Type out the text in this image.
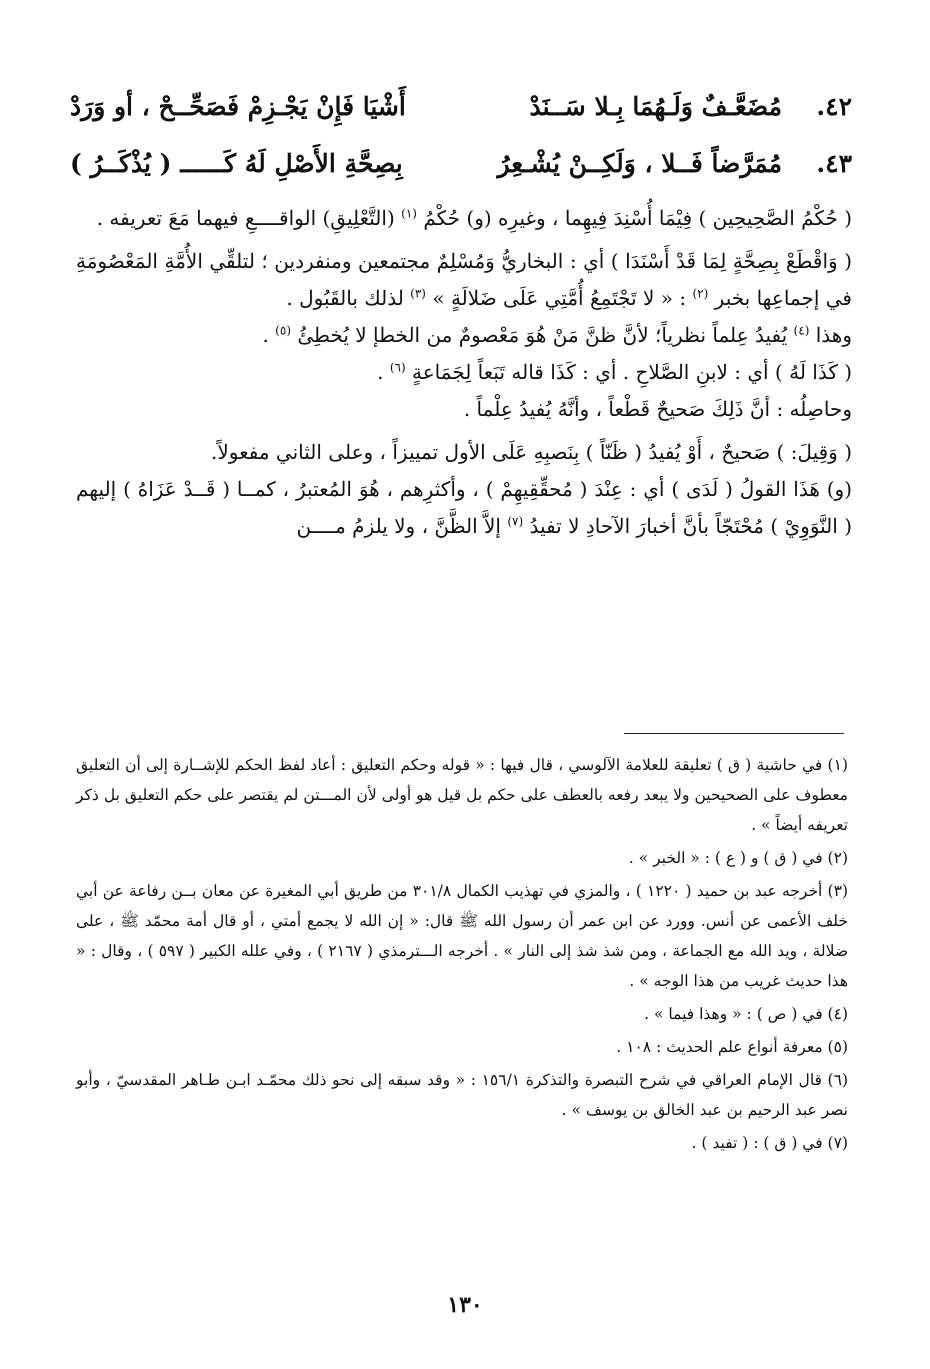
٤٢.
مُضَعَّـفٌ وَلَـهُمَا بِـلا سَــنَدْ
أَشْيَا فَإِنْ يَجْـزِمْ فَصَحِّــحْ ، أو وَرَدْ
٤٣.
مُمَرَّضاً فَــلا ، وَلَكِــنْ يُشْـعِرُ
بِصِحَّةِ الأَصْلِ لَهُ كَــــــ ( يُذْكَــرُ )

( حُكْمُ الصَّحِيحِين ) فِيْمَا أُسْنِدَ فِيهِما ، وغيرِه (و) حُكْمُ $^{(١)}$ (التَّعْلِيقِ) الواقــــعِ فيهما مَعَ تعريفه .

( وَاقْطَعْ بِصِحَّةٍ لِمَا قَدْ أَسْنَدَا ) أي : البخاريُّ وَمُسْلِمٌ مجتمعين ومنفردين ؛ لتلقِّي الأُمَّةِ المَعْصُومَةِ في إجماعِها بخبر $^{(٢)}$ : « لا تَجْتَمِعُ أُمَّتِي عَلَى ضَلالَةٍ » $^{(٣)}$ لذلك بالقَبُول .

وهذا $^{(٤)}$ يُفيدُ عِلماً نظرياً؛ لأنَّ ظنَّ مَنْ هُوَ مَعْصومٌ من الخطإ لا يُخطِئُ $^{(٥)}$ .

( كَذَا لَهُ ) أي : لابنِ الصَّلاحِ . أي : كَذَا قاله تَبَعاً لِجَمَاعةٍ $^{(٦)}$ .

وحاصِلُه : أنَّ ذَلِكَ صَحيحٌ قَطْعاً ، وأنَّهُ يُفيدُ عِلْماً .

( وَقِيلَ: ) صَحيحٌ ، أَوْ يُفيدُ ( ظَنّاً ) بِنَصبِهِ عَلَى الأول تمييزاً ، وعلى الثاني مفعولاً.

(و) هَذَا القولُ ( لَدَى ) أي : عِنْدَ ( مُحقِّقِيهِمْ ) ، وأكثرِهم ، هُوَ المُعتبرُ ، كمــا ( قَــدْ عَزَاهُ ) إليهم ( النَّوَوِيْ ) مُحْتَجّاً بأنَّ أخبارَ الآحادِ لا تفيدُ $^{(٧)}$ إلاَّ الظَّنَّ ، ولا يلزمُ مــــن

(١) في حاشية ( ق ) تعليقة للعلامة الآلوسي ، قال فيها : « قوله وحكم التعليق : أعاد لفظ الحكم للإشــارة إلى أن التعليق معطوف على الصحيحين ولا يبعد رفعه بالعطف على حكم بل قيل هو أولى لأن المـــتن لم يقتصر على حكم التعليق بل ذكر تعريفه أيضاً » .

(٢) في ( ق ) و ( ع ) : « الخبر » .

(٣) أخرجه عبد بن حميد ( ١٢٢٠ ) ، والمزي في تهذيب الكمال ٣٠١/٨ من طريق أبي المغيرة عن معان بــن رفاعة عن أبي خلف الأعمى عن أنس. وورد عن ابن عمر أن رسول الله ﷺ قال: « إن الله لا يجمع أمتي ، أو قال أمة محمّد ﷺ ، على ضلالة ، ويد الله مع الجماعة ، ومن شذ شذ إلى النار » . أخرجه الـــترمذي ( ٢١٦٧ ) ، وفي علله الكبير ( ٥٩٧ ) ، وقال : « هذا حديث غريب من هذا الوجه » .

(٤) في ( ص ) : « وهذا فيما » .

(٥) معرفة أنواع علم الحديث : ١٠٨ .

(٦) قال الإمام العراقي في شرح التبصرة والتذكرة ١٥٦/١ : « وقد سبقه إلى نحو ذلك محمّـد ابـن طـاهر المقدسيّ ، وأبو نصر عبد الرحيم بن عبد الخالق بن يوسف » .

(٧) في ( ق ) : ( تفيد ) .

١٣٠
